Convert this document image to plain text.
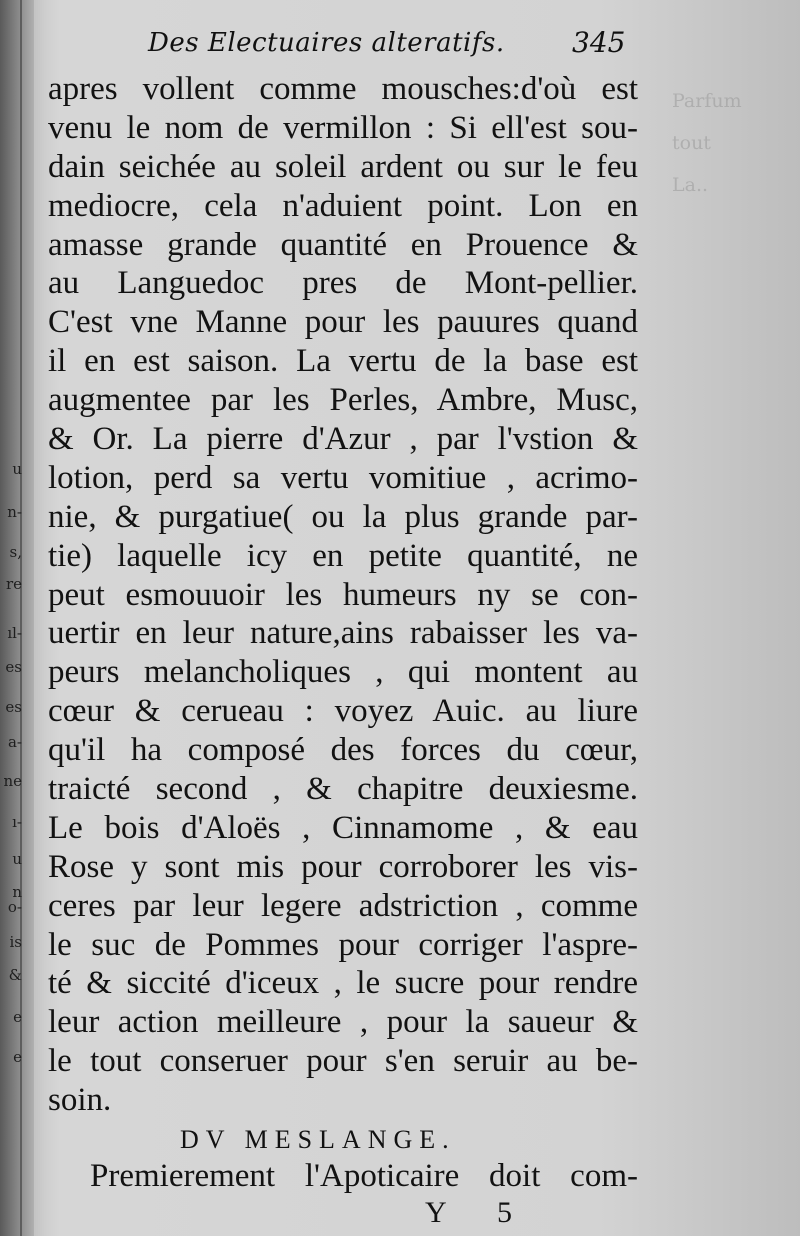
u
n-
s,
re
ıl-
es
es
a-
ne
ı-
u
n
o-
is
&
e
e
Parfum
tout
La..
Des Electuaires alteratifs. 345
apres vollent comme mousches:d'où est
venu le nom de vermillon : Si ell'est sou-
dain seichée au soleil ardent ou sur le feu
mediocre, cela n'aduient point. Lon en
amasse grande quantité en Prouence &
au Languedoc pres de Mont-pellier.
C'est vne Manne pour les pauures quand
il en est saison. La vertu de la base est
augmentee par les Perles, Ambre, Musc,
& Or. La pierre d'Azur , par l'vstion &
lotion, perd sa vertu vomitiue , acrimo-
nie, & purgatiue( ou la plus grande par-
tie) laquelle icy en petite quantité, ne
peut esmouuoir les humeurs ny se con-
uertir en leur nature,ains rabaisser les va-
peurs melancholiques , qui montent au
cœur & cerueau : voyez Auic. au liure
qu'il ha composé des forces du cœur,
traicté second , & chapitre deuxiesme.
Le bois d'Aloës , Cinnamome , & eau
Rose y sont mis pour corroborer les vis-
ceres par leur legere adstriction , comme
le suc de Pommes pour corriger l'aspre-
té & siccité d'iceux , le sucre pour rendre
leur action meilleure , pour la saueur &
le tout conseruer pour s'en seruir au be-
soin.
DV MESLANGE.
Premierement l'Apoticaire doit com-
Y 5
